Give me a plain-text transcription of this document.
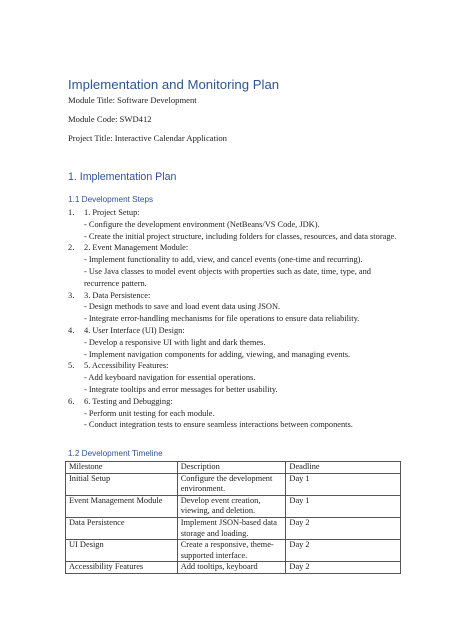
Implementation and Monitoring Plan

Module Title: Software Development

Module Code: SWD412

Project Title: Interactive Calendar Application

1. Implementation Plan
1.1 Development Steps
1. 1. Project Setup:
- Configure the development environment (NetBeans/VS Code, JDK).
- Create the initial project structure, including folders for classes, resources, and data storage.
2. 2. Event Management Module:
- Implement functionality to add, view, and cancel events (one-time and recurring).
- Use Java classes to model event objects with properties such as date, time, type, and recurrence pattern.
3. 3. Data Persistence:
- Design methods to save and load event data using JSON.
- Integrate error-handling mechanisms for file operations to ensure data reliability.
4. 4. User Interface (UI) Design:
- Develop a responsive UI with light and dark themes.
- Implement navigation components for adding, viewing, and managing events.
5. 5. Accessibility Features:
- Add keyboard navigation for essential operations.
- Integrate tooltips and error messages for better usability.
6. 6. Testing and Debugging:
- Perform unit testing for each module.
- Conduct integration tests to ensure seamless interactions between components.
1.2 Development Timeline
Milestone	Description	Deadline
Initial Setup	Configure the development environment.	Day 1
Event Management Module	Develop event creation, viewing, and deletion.	Day 1
Data Persistence	Implement JSON-based data storage and loading.	Day 2
UI Design	Create a responsive, theme-supported interface.	Day 2
Accessibility Features	Add tooltips, keyboard	Day 2
